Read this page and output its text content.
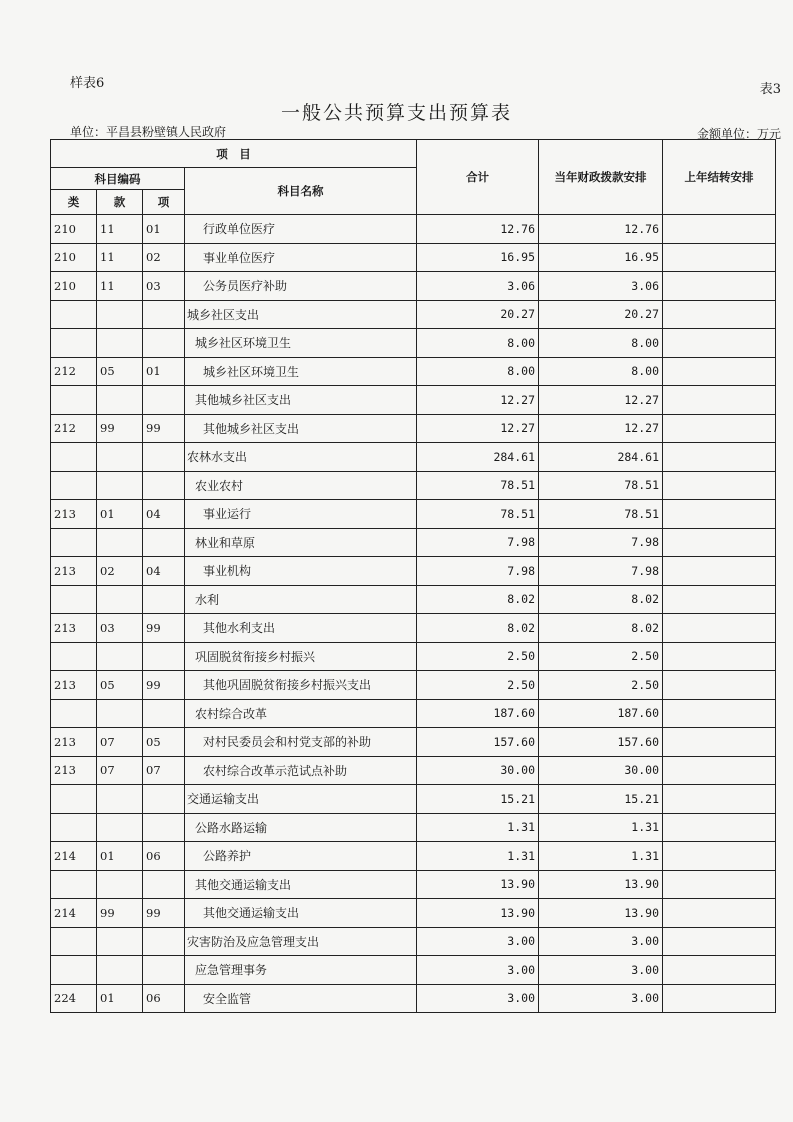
样表6	表3
一般公共预算支出预算表
单位：平昌县粉壁镇人民政府	金额单位：万元
项　目				合计	当年财政拨款安排	上年结转安排
科目编码			科目名称			
类	款	项				
210	11	01	行政单位医疗	12.76	12.76	
210	11	02	事业单位医疗	16.95	16.95	
210	11	03	公务员医疗补助	3.06	3.06	
			城乡社区支出	20.27	20.27	
			城乡社区环境卫生	8.00	8.00	
212	05	01	城乡社区环境卫生	8.00	8.00	
			其他城乡社区支出	12.27	12.27	
212	99	99	其他城乡社区支出	12.27	12.27	
			农林水支出	284.61	284.61	
			农业农村	78.51	78.51	
213	01	04	事业运行	78.51	78.51	
			林业和草原	7.98	7.98	
213	02	04	事业机构	7.98	7.98	
			水利	8.02	8.02	
213	03	99	其他水利支出	8.02	8.02	
			巩固脱贫衔接乡村振兴	2.50	2.50	
213	05	99	其他巩固脱贫衔接乡村振兴支出	2.50	2.50	
			农村综合改革	187.60	187.60	
213	07	05	对村民委员会和村党支部的补助	157.60	157.60	
213	07	07	农村综合改革示范试点补助	30.00	30.00	
			交通运输支出	15.21	15.21	
			公路水路运输	1.31	1.31	
214	01	06	公路养护	1.31	1.31	
			其他交通运输支出	13.90	13.90	
214	99	99	其他交通运输支出	13.90	13.90	
			灾害防治及应急管理支出	3.00	3.00	
			应急管理事务	3.00	3.00	
224	01	06	安全监管	3.00	3.00	
